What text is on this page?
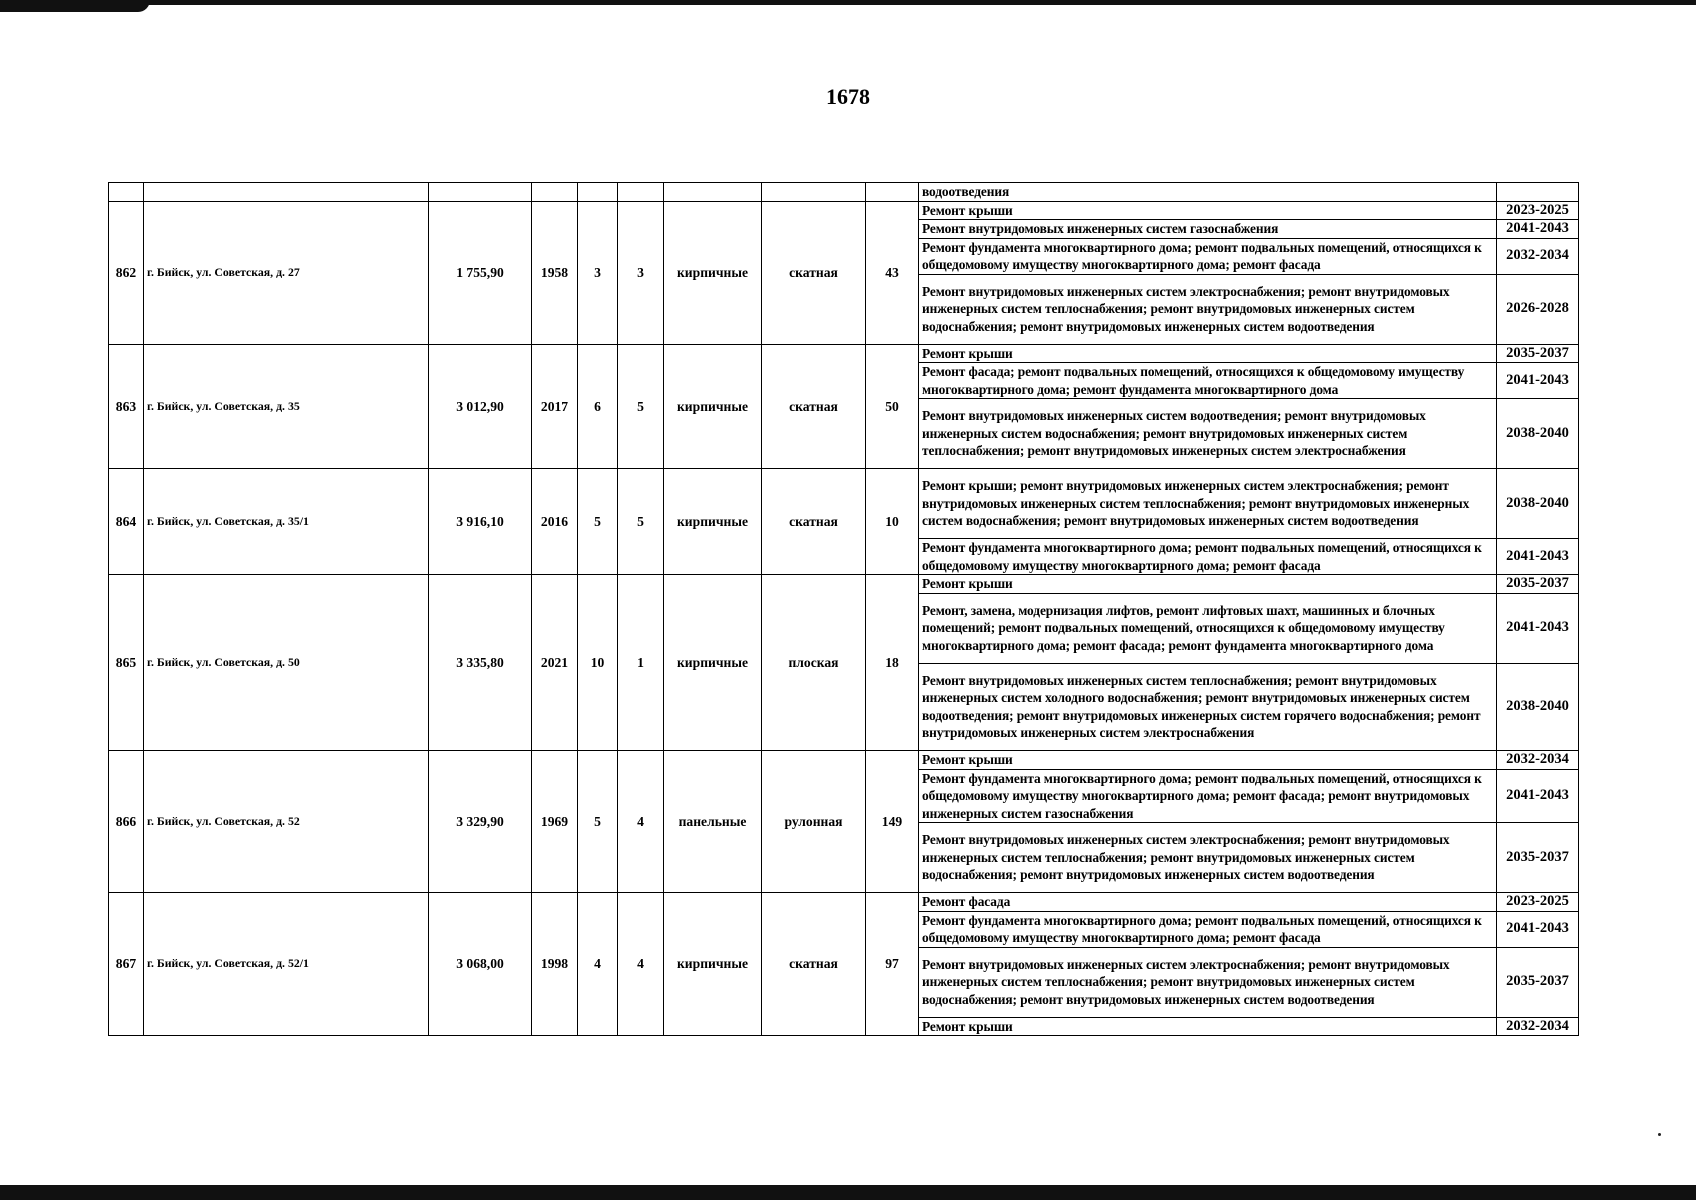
1678
									водоотведения	
862	г. Бийск, ул. Советская, д. 27	1 755,90	1958	3	3	кирпичные	скатная	43	Ремонт крыши	2023-2025
									Ремонт внутридомовых инженерных систем газоснабжения	2041-2043
									Ремонт фундамента многоквартирного дома; ремонт подвальных помещений, относящихся к общедомовому имуществу многоквартирного дома; ремонт фасада	2032-2034
									Ремонт внутридомовых инженерных систем электроснабжения; ремонт внутридомовых инженерных систем теплоснабжения; ремонт внутридомовых инженерных систем водоснабжения; ремонт внутридомовых инженерных систем водоотведения	2026-2028
863	г. Бийск, ул. Советская, д. 35	3 012,90	2017	6	5	кирпичные	скатная	50	Ремонт крыши	2035-2037
									Ремонт фасада; ремонт подвальных помещений, относящихся к общедомовому имуществу многоквартирного дома; ремонт фундамента многоквартирного дома	2041-2043
									Ремонт внутридомовых инженерных систем водоотведения; ремонт внутридомовых инженерных систем водоснабжения; ремонт внутридомовых инженерных систем теплоснабжения; ремонт внутридомовых инженерных систем электроснабжения	2038-2040
864	г. Бийск, ул. Советская, д. 35/1	3 916,10	2016	5	5	кирпичные	скатная	10	Ремонт крыши; ремонт внутридомовых инженерных систем электроснабжения; ремонт внутридомовых инженерных систем теплоснабжения; ремонт внутридомовых инженерных систем водоснабжения; ремонт внутридомовых инженерных систем водоотведения	2038-2040
									Ремонт фундамента многоквартирного дома; ремонт подвальных помещений, относящихся к общедомовому имуществу многоквартирного дома; ремонт фасада	2041-2043
865	г. Бийск, ул. Советская, д. 50	3 335,80	2021	10	1	кирпичные	плоская	18	Ремонт крыши	2035-2037
									Ремонт, замена, модернизация лифтов, ремонт лифтовых шахт, машинных и блочных помещений; ремонт подвальных помещений, относящихся к общедомовому имуществу многоквартирного дома; ремонт фасада; ремонт фундамента многоквартирного дома	2041-2043
									Ремонт внутридомовых инженерных систем теплоснабжения; ремонт внутридомовых инженерных систем холодного водоснабжения; ремонт внутридомовых инженерных систем водоотведения; ремонт внутридомовых инженерных систем горячего водоснабжения; ремонт внутридомовых инженерных систем электроснабжения	2038-2040
866	г. Бийск, ул. Советская, д. 52	3 329,90	1969	5	4	панельные	рулонная	149	Ремонт крыши	2032-2034
									Ремонт фундамента многоквартирного дома; ремонт подвальных помещений, относящихся к общедомовому имуществу многоквартирного дома; ремонт фасада; ремонт внутридомовых инженерных систем газоснабжения	2041-2043
									Ремонт внутридомовых инженерных систем электроснабжения; ремонт внутридомовых инженерных систем теплоснабжения; ремонт внутридомовых инженерных систем водоснабжения; ремонт внутридомовых инженерных систем водоотведения	2035-2037
867	г. Бийск, ул. Советская, д. 52/1	3 068,00	1998	4	4	кирпичные	скатная	97	Ремонт фасада	2023-2025
									Ремонт фундамента многоквартирного дома; ремонт подвальных помещений, относящихся к общедомовому имуществу многоквартирного дома; ремонт фасада	2041-2043
									Ремонт внутридомовых инженерных систем электроснабжения; ремонт внутридомовых инженерных систем теплоснабжения; ремонт внутридомовых инженерных систем водоснабжения; ремонт внутридомовых инженерных систем водоотведения	2035-2037
									Ремонт крыши	2032-2034
